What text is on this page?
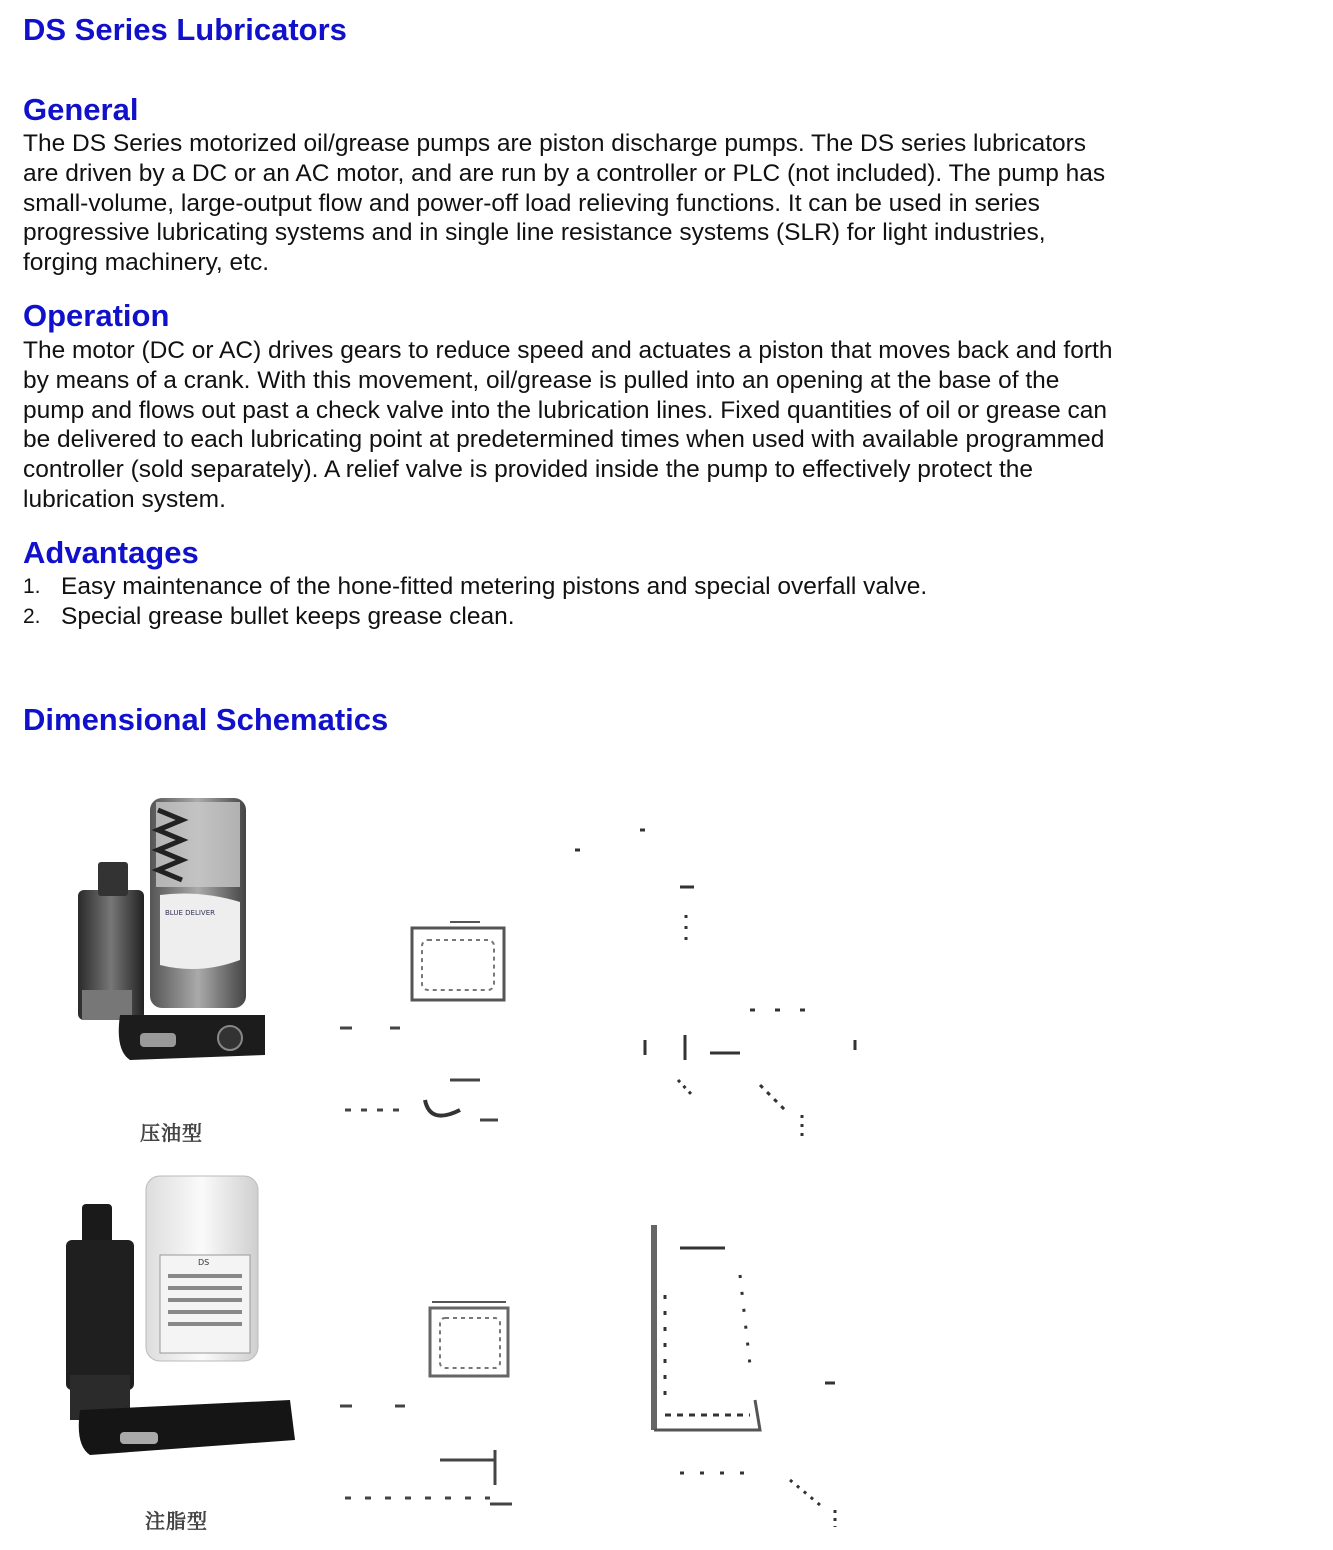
DS Series Lubricators
General
The DS Series motorized oil/grease pumps are piston discharge pumps. The DS series lubricators
are driven by a DC or an AC motor, and are run by a controller or PLC (not included). The pump has
small-volume, large-output flow and power-off load relieving functions. It can be used in series
progressive lubricating systems and in single line resistance systems (SLR) for light industries,
forging machinery, etc.
Operation
The motor (DC or AC) drives gears to reduce speed and actuates a piston that moves back and forth
by means of a crank. With this movement, oil/grease is pulled into an opening at the base of the
pump and flows out past a check valve into the lubrication lines. Fixed quantities of oil or grease can
be delivered to each lubricating point at predetermined times when used with available programmed
controller (sold separately). A relief valve is provided inside the pump to effectively protect the
lubrication system.
Advantages
1. Easy maintenance of the hone-fitted metering pistons and special overfall valve.
2. Special grease bullet keeps grease clean.
Dimensional Schematics
BLUE DELIVER
压油型
DS
注脂型
